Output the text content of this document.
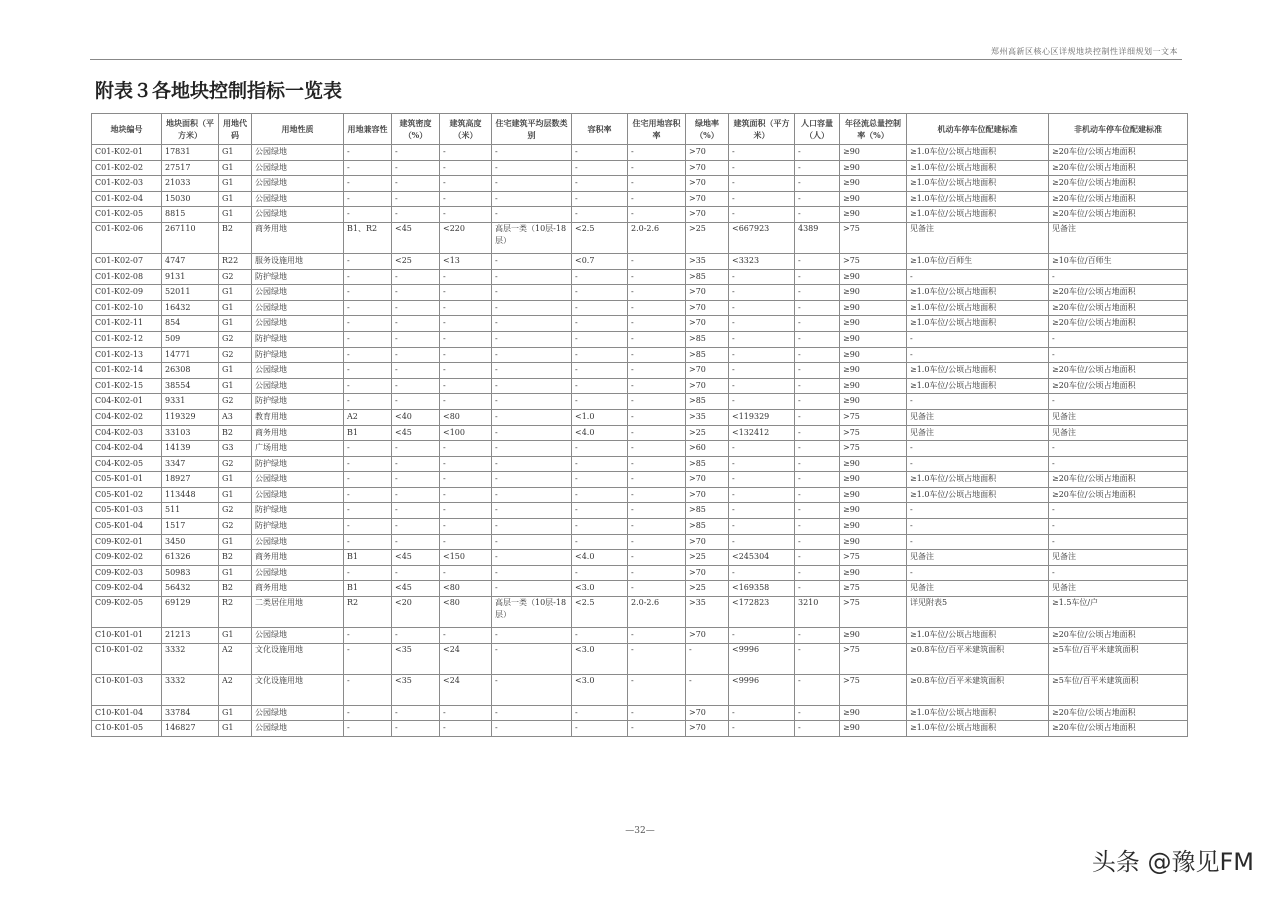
郑州高新区核心区详规地块控制性详细规划一文本
附表３各地块控制指标一览表
地块编号	地块面积（平方米）	用地代码	用地性质	用地兼容性	建筑密度（%）	建筑高度（米）	住宅建筑平均层数类别	容积率	住宅用地容积率	绿地率（%）	建筑面积（平方米）	人口容量（人）	年径流总量控制率（%）	机动车停车位配建标准	非机动车停车位配建标准
C01-K02-01	17831	G1	公园绿地	-	-	-	-	-	-	>70	-	-	≥90	≥1.0车位/公顷占地面积	≥20车位/公顷占地面积
C01-K02-02	27517	G1	公园绿地	-	-	-	-	-	-	>70	-	-	≥90	≥1.0车位/公顷占地面积	≥20车位/公顷占地面积
C01-K02-03	21033	G1	公园绿地	-	-	-	-	-	-	>70	-	-	≥90	≥1.0车位/公顷占地面积	≥20车位/公顷占地面积
C01-K02-04	15030	G1	公园绿地	-	-	-	-	-	-	>70	-	-	≥90	≥1.0车位/公顷占地面积	≥20车位/公顷占地面积
C01-K02-05	8815	G1	公园绿地	-	-	-	-	-	-	>70	-	-	≥90	≥1.0车位/公顷占地面积	≥20车位/公顷占地面积
C01-K02-06	267110	B2	商务用地	B1、R2	<45	<220	高层一类（10层-18层）	<2.5	2.0-2.6	>25	<667923	4389	>75	见备注	见备注
C01-K02-07	4747	R22	服务设施用地	-	<25	<13	-	<0.7	-	>35	<3323	-	>75	≥1.0车位/百师生	≥10车位/百师生
C01-K02-08	9131	G2	防护绿地	-	-	-	-	-	-	>85	-	-	≥90	-	-
C01-K02-09	52011	G1	公园绿地	-	-	-	-	-	-	>70	-	-	≥90	≥1.0车位/公顷占地面积	≥20车位/公顷占地面积
C01-K02-10	16432	G1	公园绿地	-	-	-	-	-	-	>70	-	-	≥90	≥1.0车位/公顷占地面积	≥20车位/公顷占地面积
C01-K02-11	854	G1	公园绿地	-	-	-	-	-	-	>70	-	-	≥90	≥1.0车位/公顷占地面积	≥20车位/公顷占地面积
C01-K02-12	509	G2	防护绿地	-	-	-	-	-	-	>85	-	-	≥90	-	-
C01-K02-13	14771	G2	防护绿地	-	-	-	-	-	-	>85	-	-	≥90	-	-
C01-K02-14	26308	G1	公园绿地	-	-	-	-	-	-	>70	-	-	≥90	≥1.0车位/公顷占地面积	≥20车位/公顷占地面积
C01-K02-15	38554	G1	公园绿地	-	-	-	-	-	-	>70	-	-	≥90	≥1.0车位/公顷占地面积	≥20车位/公顷占地面积
C04-K02-01	9331	G2	防护绿地	-	-	-	-	-	-	>85	-	-	≥90	-	-
C04-K02-02	119329	A3	教育用地	A2	<40	<80	-	<1.0	-	>35	<119329	-	>75	见备注	见备注
C04-K02-03	33103	B2	商务用地	B1	<45	<100	-	<4.0	-	>25	<132412	-	>75	见备注	见备注
C04-K02-04	14139	G3	广场用地	-	-	-	-	-	-	>60	-	-	>75	-	-
C04-K02-05	3347	G2	防护绿地	-	-	-	-	-	-	>85	-	-	≥90	-	-
C05-K01-01	18927	G1	公园绿地	-	-	-	-	-	-	>70	-	-	≥90	≥1.0车位/公顷占地面积	≥20车位/公顷占地面积
C05-K01-02	113448	G1	公园绿地	-	-	-	-	-	-	>70	-	-	≥90	≥1.0车位/公顷占地面积	≥20车位/公顷占地面积
C05-K01-03	511	G2	防护绿地	-	-	-	-	-	-	>85	-	-	≥90	-	-
C05-K01-04	1517	G2	防护绿地	-	-	-	-	-	-	>85	-	-	≥90	-	-
C09-K02-01	3450	G1	公园绿地	-	-	-	-	-	-	>70	-	-	≥90	-	-
C09-K02-02	61326	B2	商务用地	B1	<45	<150	-	<4.0	-	>25	<245304	-	>75	见备注	见备注
C09-K02-03	50983	G1	公园绿地	-	-	-	-	-	-	>70	-	-	≥90	-	-
C09-K02-04	56432	B2	商务用地	B1	<45	<80	-	<3.0	-	>25	<169358	-	≥75	见备注	见备注
C09-K02-05	69129	R2	二类居住用地	R2	<20	<80	高层一类（10层-18层）	<2.5	2.0-2.6	>35	<172823	3210	>75	详见附表5	≥1.5车位/户
C10-K01-01	21213	G1	公园绿地	-	-	-	-	-	-	>70	-	-	≥90	≥1.0车位/公顷占地面积	≥20车位/公顷占地面积
C10-K01-02	3332	A2	文化设施用地	-	<35	<24	-	<3.0	-	-	<9996	-	>75	≥0.8车位/百平米建筑面积	≥5车位/百平米建筑面积
C10-K01-03	3332	A2	文化设施用地	-	<35	<24	-	<3.0	-	-	<9996	-	>75	≥0.8车位/百平米建筑面积	≥5车位/百平米建筑面积
C10-K01-04	33784	G1	公园绿地	-	-	-	-	-	-	>70	-	-	≥90	≥1.0车位/公顷占地面积	≥20车位/公顷占地面积
C10-K01-05	146827	G1	公园绿地	-	-	-	-	-	-	>70	-	-	≥90	≥1.0车位/公顷占地面积	≥20车位/公顷占地面积
—32—
头条 @豫见FM
